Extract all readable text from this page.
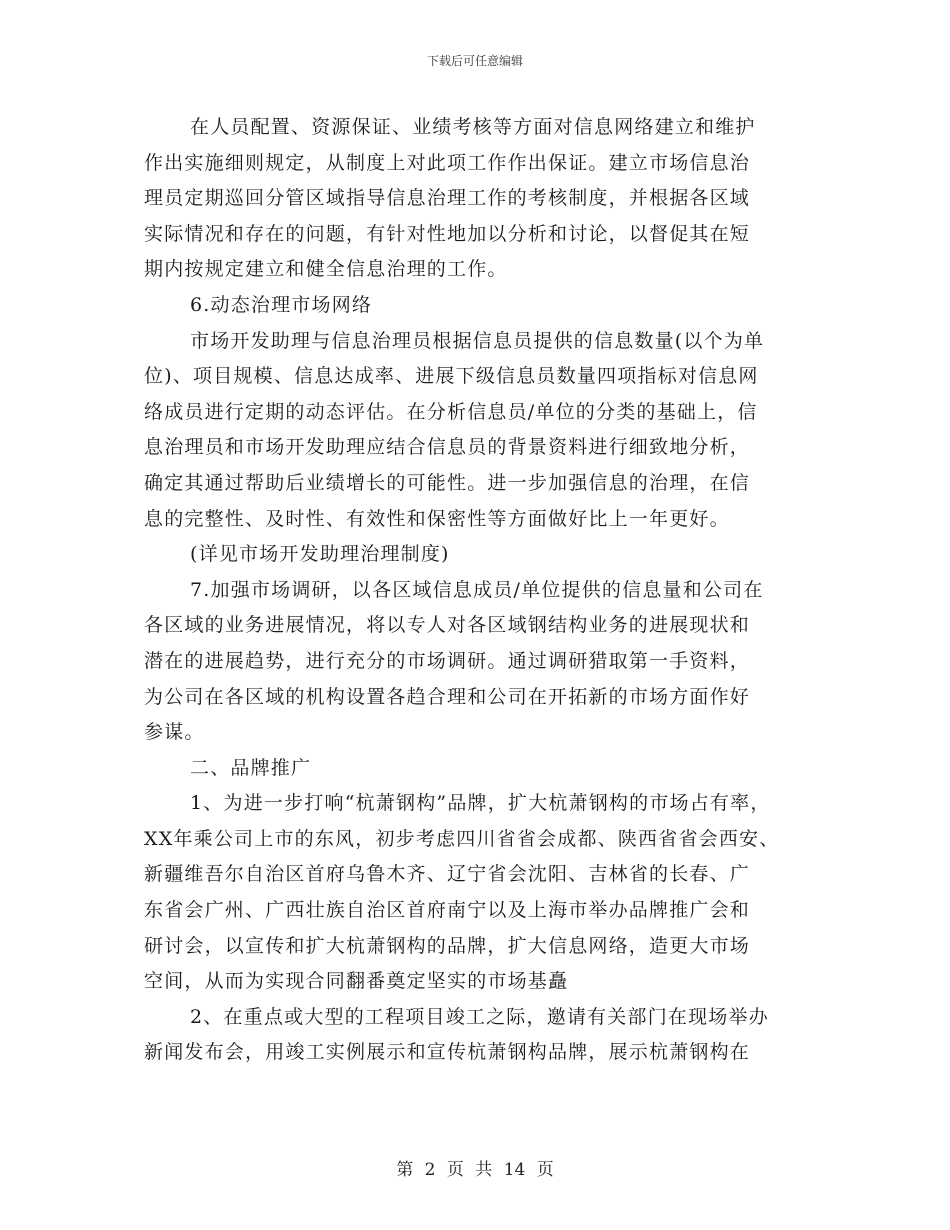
下载后可任意编辑
在人员配置、资源保证、业绩考核等方面对信息网络建立和维护
作出实施细则规定，从制度上对此项工作作出保证。建立市场信息治
理员定期巡回分管区域指导信息治理工作的考核制度，并根据各区域
实际情况和存在的问题，有针对性地加以分析和讨论，以督促其在短
期内按规定建立和健全信息治理的工作。
6.动态治理市场网络
市场开发助理与信息治理员根据信息员提供的信息数量(以个为单
位)、项目规模、信息达成率、进展下级信息员数量四项指标对信息网
络成员进行定期的动态评估。在分析信息员/单位的分类的基础上，信
息治理员和市场开发助理应结合信息员的背景资料进行细致地分析，
确定其通过帮助后业绩增长的可能性。进一步加强信息的治理，在信
息的完整性、及时性、有效性和保密性等方面做好比上一年更好。
(详见市场开发助理治理制度)
7.加强市场调研，以各区域信息成员/单位提供的信息量和公司在
各区域的业务进展情况，将以专人对各区域钢结构业务的进展现状和
潜在的进展趋势，进行充分的市场调研。通过调研猎取第一手资料，
为公司在各区域的机构设置各趋合理和公司在开拓新的市场方面作好
参谋。
二、品牌推广
1、为进一步打响“杭萧钢构”品牌，扩大杭萧钢构的市场占有率，
XX年乘公司上市的东风，初步考虑四川省省会成都、陕西省省会西安、
新疆维吾尔自治区首府乌鲁木齐、辽宁省会沈阳、吉林省的长春、广
东省会广州、广西壮族自治区首府南宁以及上海市举办品牌推广会和
研讨会，以宣传和扩大杭萧钢构的品牌，扩大信息网络，造更大市场
空间，从而为实现合同翻番奠定坚实的市场基矗
2、在重点或大型的工程项目竣工之际，邀请有关部门在现场举办
新闻发布会，用竣工实例展示和宣传杭萧钢构品牌，展示杭萧钢构在
第 2 页 共 14 页
